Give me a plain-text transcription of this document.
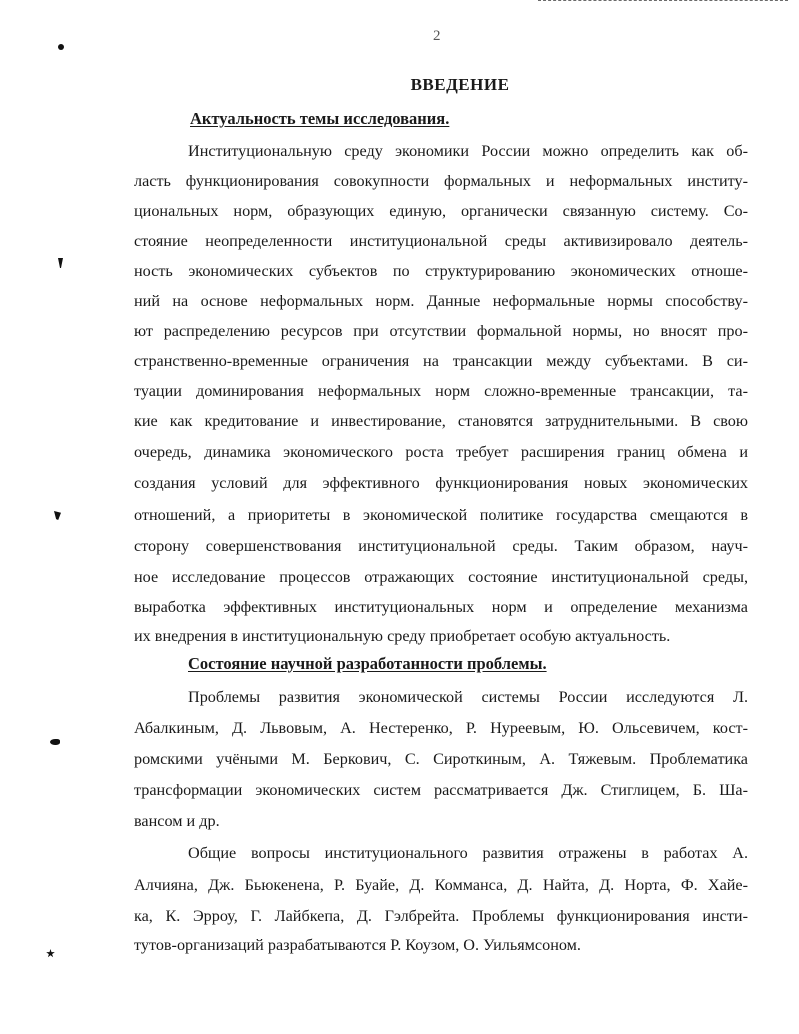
2
ВВЕДЕНИЕ
Актуальность темы исследования.
Институциональную среду экономики России можно определить как об-
ласть функционирования совокупности формальных и неформальных институ-
циональных норм, образующих единую, органически связанную систему. Со-
стояние неопределенности институциональной среды активизировало деятель-
ность экономических субъектов по структурированию экономических отноше-
ний на основе неформальных норм. Данные неформальные нормы способству-
ют распределению ресурсов при отсутствии формальной нормы, но вносят про-
странственно-временные ограничения на трансакции между субъектами. В си-
туации доминирования неформальных норм сложно-временные трансакции, та-
кие как кредитование и инвестирование, становятся затруднительными. В свою
очередь, динамика экономического роста требует расширения границ обмена и
создания условий для эффективного функционирования новых экономических
отношений, а приоритеты в экономической политике государства смещаются в
сторону совершенствования институциональной среды. Таким образом, науч-
ное исследование процессов отражающих состояние институциональной среды,
выработка эффективных институциональных норм и определение механизма
их внедрения в институциональную среду приобретает особую актуальность.
Состояние научной разработанности проблемы.
Проблемы развития экономической системы России исследуются Л.
Абалкиным, Д. Львовым, А. Нестеренко, Р. Нуреевым, Ю. Ольсевичем, кост-
ромскими учёными М. Беркович, С. Сироткиным, А. Тяжевым. Проблематика
трансформации экономических систем рассматривается Дж. Стиглицем, Б. Ша-
вансом и др.
Общие вопросы институционального развития отражены в работах А.
Алчияна, Дж. Бьюкенена, Р. Буайе, Д. Комманса, Д. Найта, Д. Норта, Ф. Хайе-
ка, К. Эрроу, Г. Лайбкепа, Д. Гэлбрейта. Проблемы функционирования инсти-
тутов-организаций разрабатываются Р. Коузом, О. Уильямсоном.
